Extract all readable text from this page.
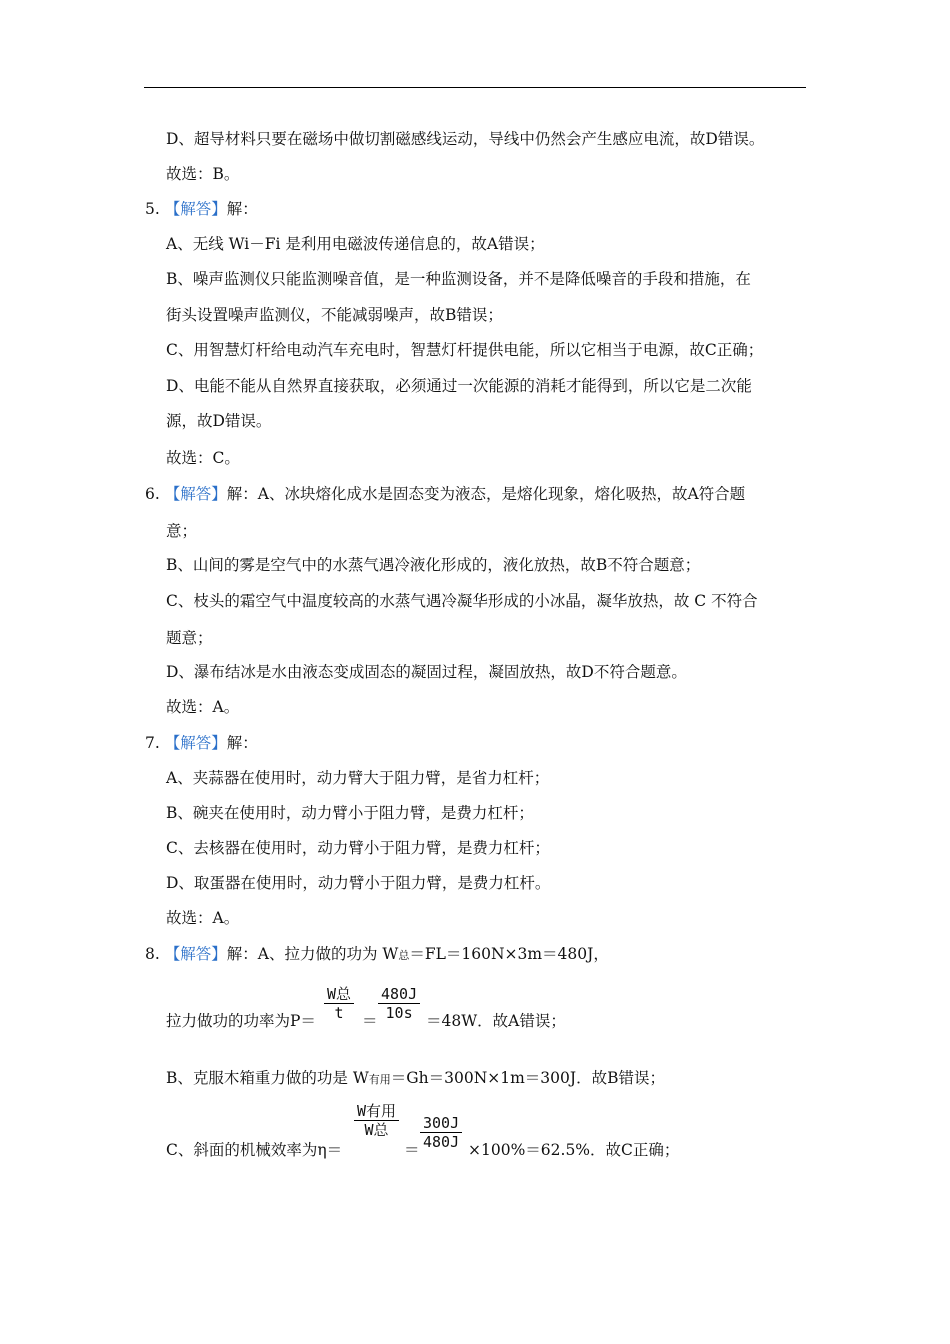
D、超导材料只要在磁场中做切割磁感线运动，导线中仍然会产生感应电流，故D错误。
故选：B。
5. 【解答】解：
A、无线 Wi－Fi 是利用电磁波传递信息的，故A错误；
B、噪声监测仪只能监测噪音值，是一种监测设备，并不是降低噪音的手段和措施，在
街头设置噪声监测仪，不能减弱噪声，故B错误；
C、用智慧灯杆给电动汽车充电时，智慧灯杆提供电能，所以它相当于电源，故C正确；
D、电能不能从自然界直接获取，必须通过一次能源的消耗才能得到，所以它是二次能
源，故D错误。
故选：C。
6. 【解答】解：A、冰块熔化成水是固态变为液态，是熔化现象，熔化吸热，故A符合题
意；
B、山间的雾是空气中的水蒸气遇冷液化形成的，液化放热，故B不符合题意；
C、枝头的霜空气中温度较高的水蒸气遇冷凝华形成的小冰晶，凝华放热，故 C 不符合
题意；
D、瀑布结冰是水由液态变成固态的凝固过程，凝固放热，故D不符合题意。
故选：A。
7. 【解答】解：
A、夹蒜器在使用时，动力臂大于阻力臂，是省力杠杆；
B、碗夹在使用时，动力臂小于阻力臂，是费力杠杆；
C、去核器在使用时，动力臂小于阻力臂，是费力杠杆；
D、取蛋器在使用时，动力臂小于阻力臂，是费力杠杆。
故选：A。
8. 【解答】解：A、拉力做的功为 W总＝FL＝160N×3m＝480J，
拉力做功的功率为P＝
W总
t	＝ $\frac{480J}{10s} =48W$．故A错误；
B、克服木箱重力做的功是 W有用＝Gh＝300N×1m＝300J．故B错误；
C、斜面的机械效率为η＝
W有用
W总
＝ $\frac{300J}{480J} \times 100\%=62.5\%$．故C正确；
